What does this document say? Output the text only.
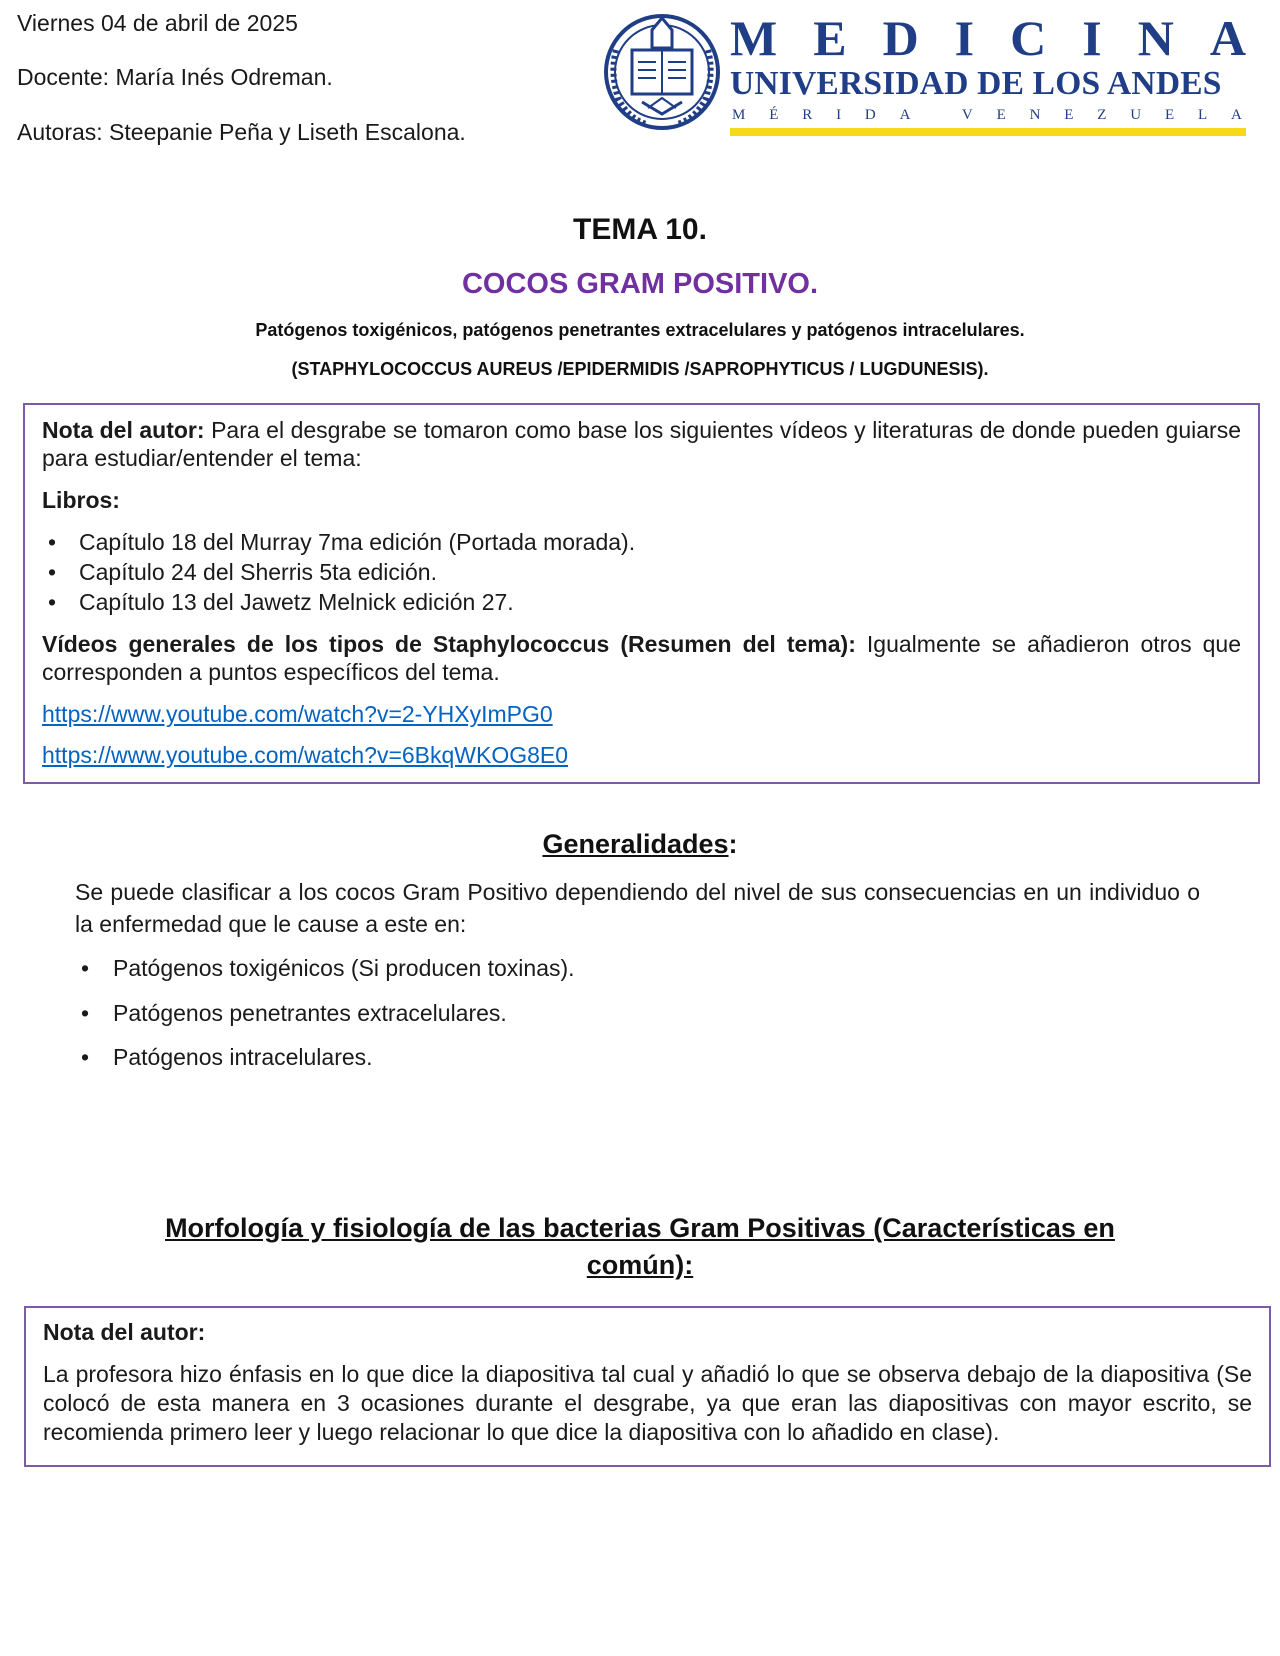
Viernes 04 de abril de 2025
Docente: María Inés Odreman.
Autoras: Steepanie Peña y Liseth Escalona.
M E D I C I N A
UNIVERSIDAD DE LOS ANDES
M É R I D A
	V E N E Z U E L A
TEMA 10.
COCOS GRAM POSITIVO.
Patógenos toxigénicos, patógenos penetrantes extracelulares y patógenos intracelulares.
(STAPHYLOCOCCUS AUREUS /EPIDERMIDIS /SAPROPHYTICUS / LUGDUNESIS).

Nota del autor: Para el desgrabe se tomaron como base los siguientes vídeos y literaturas de donde pueden guiarse para estudiar/entender el tema:

Libros:
• Capítulo 18 del Murray 7ma edición (Portada morada).
• Capítulo 24 del Sherris 5ta edición.
• Capítulo 13 del Jawetz Melnick edición 27.

Vídeos generales de los tipos de Staphylococcus (Resumen del tema): Igualmente se añadieron otros que corresponden a puntos específicos del tema.

https://www.youtube.com/watch?v=2-YHXyImPG0
https://www.youtube.com/watch?v=6BkqWKOG8E0
Generalidades:
Se puede clasificar a los cocos Gram Positivo dependiendo del nivel de sus consecuencias en un individuo o la enfermedad que le cause a este en:
• Patógenos toxigénicos (Si producen toxinas).
• Patógenos penetrantes extracelulares.
• Patógenos intracelulares.
Morfología y fisiología de las bacterias Gram Positivas (Características en
común):
Nota del autor:

La profesora hizo énfasis en lo que dice la diapositiva tal cual y añadió lo que se observa debajo de la diapositiva (Se colocó de esta manera en 3 ocasiones durante el desgrabe, ya que eran las diapositivas con mayor escrito, se recomienda primero leer y luego relacionar lo que dice la diapositiva con lo añadido en clase).
